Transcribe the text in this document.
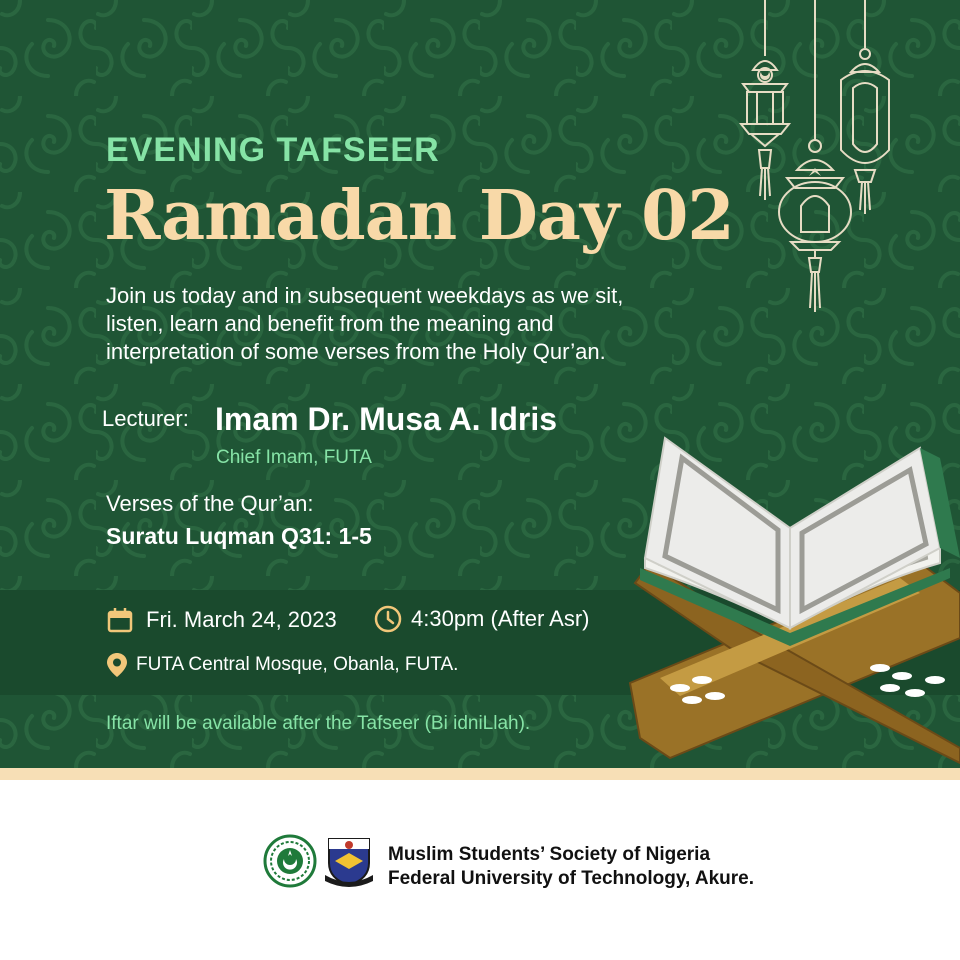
EVENING TAFSEER
Ramadan Day 02
Join us today and in subsequent weekdays as we sit, listen, learn and benefit from the meaning and interpretation of some verses from the Holy Qur’an.
Lecturer: Imam Dr. Musa A. Idris
Chief Imam, FUTA
Verses of the Qur’an:
Suratu Luqman Q31: 1-5
Fri. March 24, 2023	4:30pm (After Asr)
FUTA Central Mosque, Obanla, FUTA.
Iftar will be available after the Tafseer (Bi idniLlah).
Muslim Students’ Society of Nigeria
Federal University of Technology, Akure.
